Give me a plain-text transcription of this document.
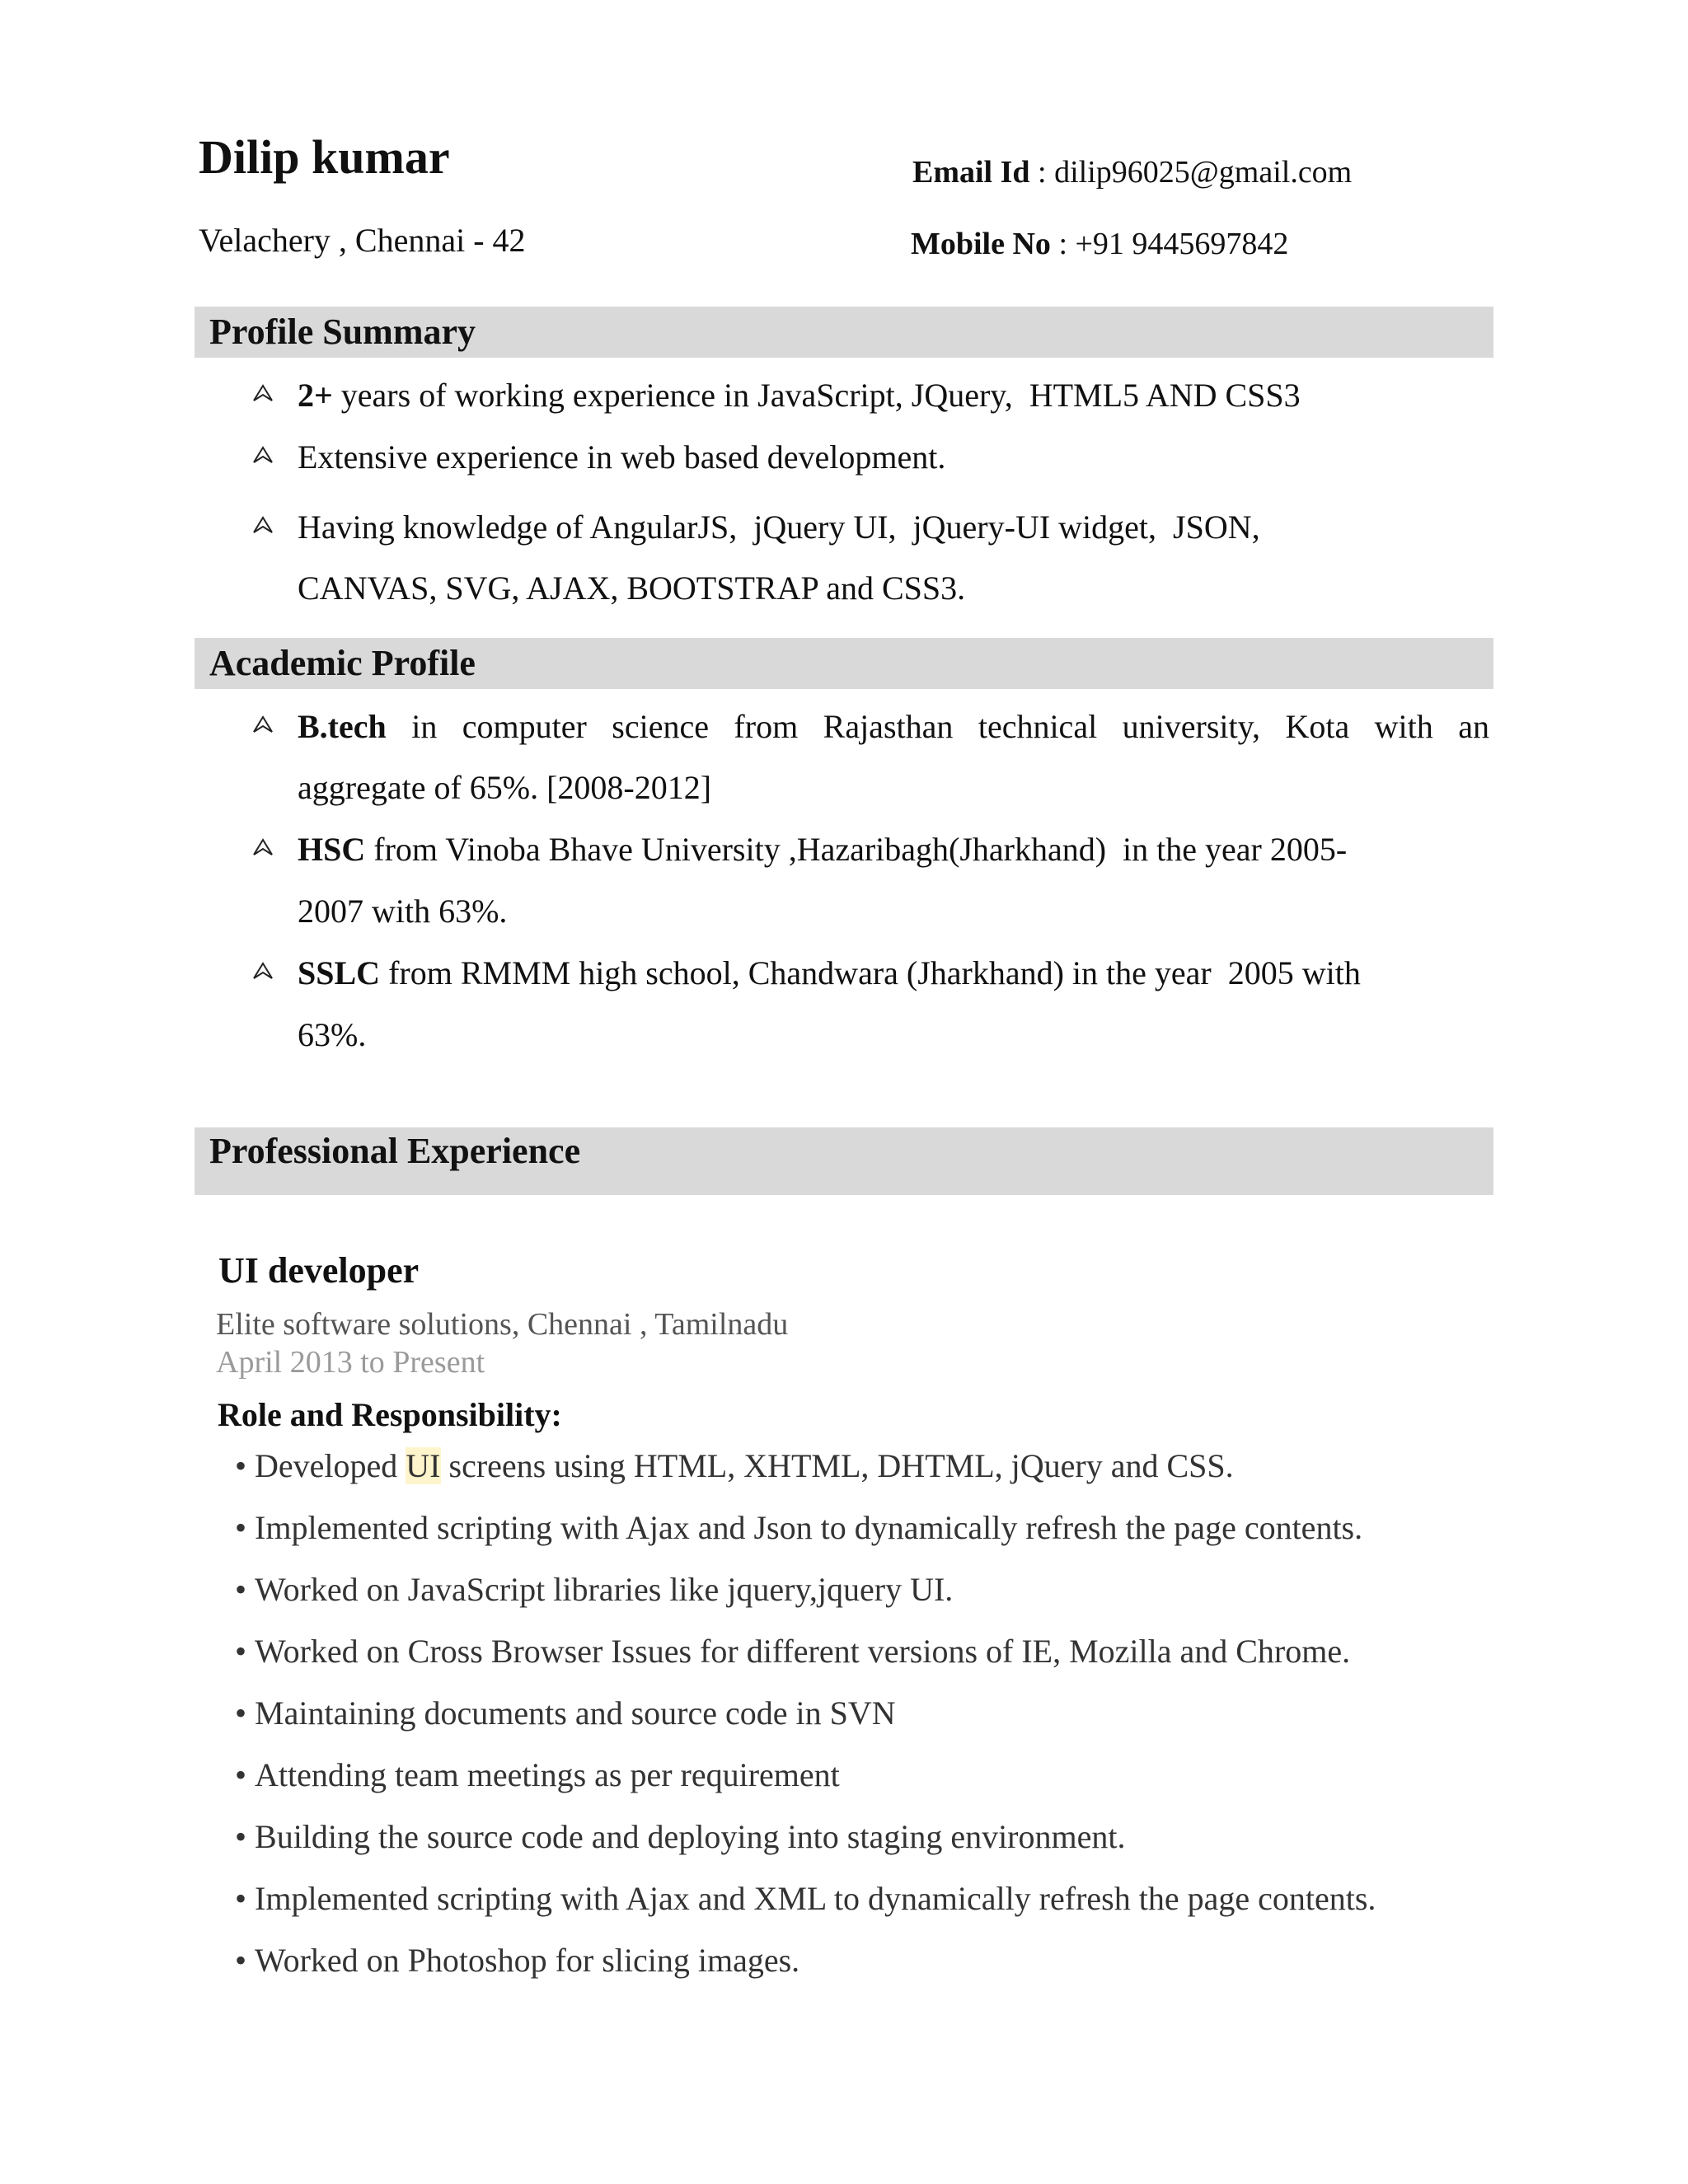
Dilip kumar
Velachery , Chennai - 42
Email Id : dilip96025@gmail.com
Mobile No : +91 9445697842
Profile Summary
2+ years of working experience in JavaScript, JQuery,  HTML5 AND CSS3
Extensive experience in web based development.
Having knowledge of AngularJS,  jQuery UI,  jQuery-UI widget,  JSON,
CANVAS, SVG, AJAX, BOOTSTRAP and CSS3.
Academic Profile
B.tech in computer science from Rajasthan technical university, Kota with an
aggregate of 65%. [2008-2012]
HSC from Vinoba Bhave University ,Hazaribagh(Jharkhand)  in the year 2005-
2007 with 63%.
SSLC from RMMM high school, Chandwara (Jharkhand) in the year  2005 with
63%.
Professional Experience
UI developer
Elite software solutions, Chennai , Tamilnadu
April 2013 to Present
Role and Responsibility:
• Developed UI screens using HTML, XHTML, DHTML, jQuery and CSS.
• Implemented scripting with Ajax and Json to dynamically refresh the page contents.
• Worked on JavaScript libraries like jquery,jquery UI.
• Worked on Cross Browser Issues for different versions of IE, Mozilla and Chrome.
• Maintaining documents and source code in SVN
• Attending team meetings as per requirement
• Building the source code and deploying into staging environment.
• Implemented scripting with Ajax and XML to dynamically refresh the page contents.
• Worked on Photoshop for slicing images.
